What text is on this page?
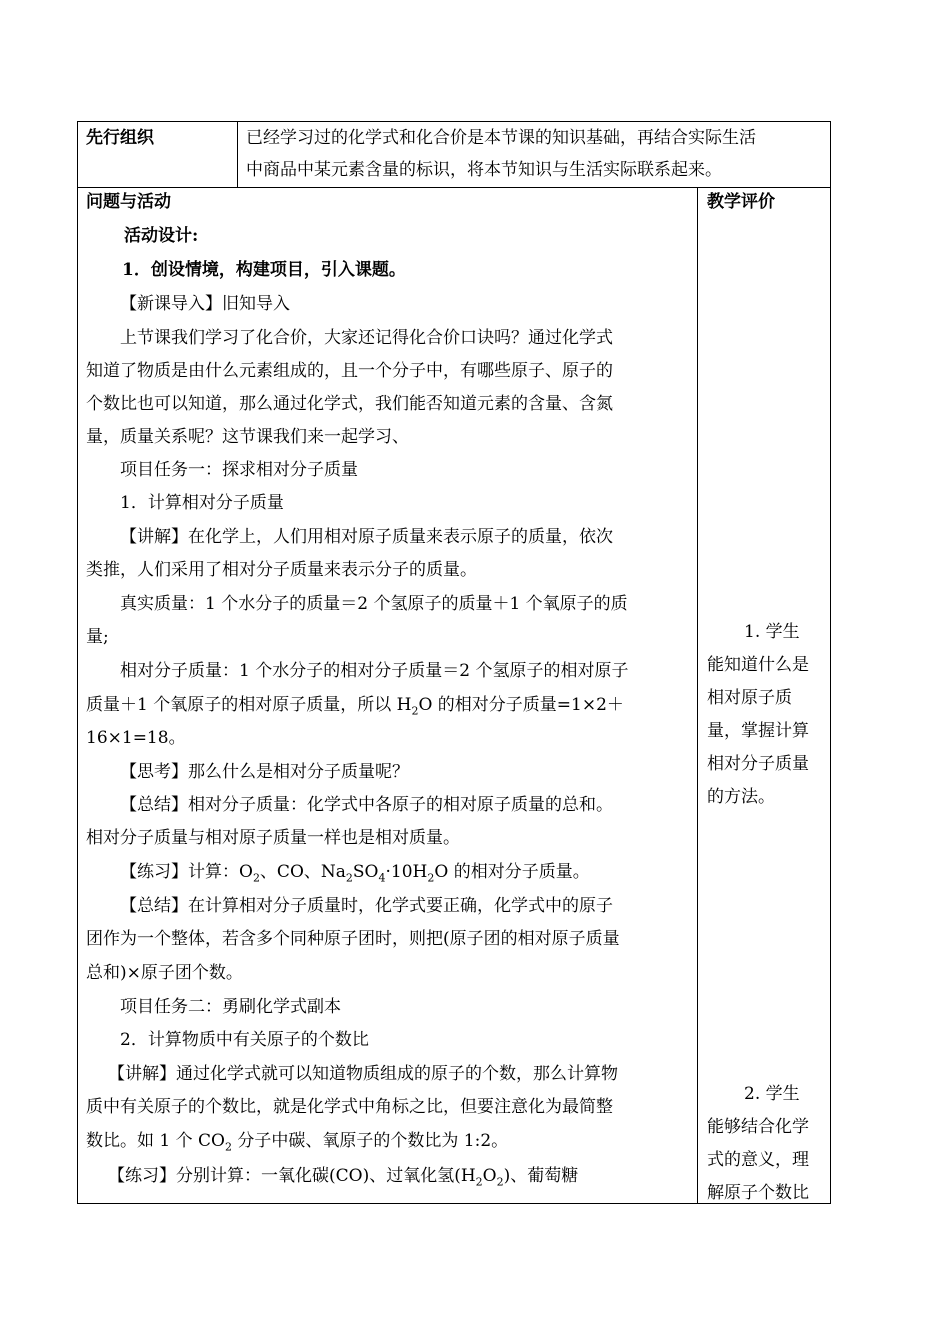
先行组织	已经学习过的化学式和化合价是本节课的知识基础，再结合实际生活
中商品中某元素含量的标识，将本节知识与生活实际联系起来。
问题与活动
活动设计:
1．创设情境，构建项目，引入课题。
【新课导入】旧知导入
上节课我们学习了化合价，大家还记得化合价口诀吗？通过化学式
知道了物质是由什么元素组成的，且一个分子中，有哪些原子、原子的
个数比也可以知道，那么通过化学式，我们能否知道元素的含量、含氮
量，质量关系呢？这节课我们来一起学习、
项目任务一：探求相对分子质量
1．计算相对分子质量
【讲解】在化学上，人们用相对原子质量来表示原子的质量，依次
类推，人们采用了相对分子质量来表示分子的质量。
真实质量：1 个水分子的质量＝2 个氢原子的质量＋1 个氧原子的质
量;
相对分子质量：1 个水分子的相对分子质量＝2 个氢原子的相对原子
质量＋1 个氧原子的相对原子质量，所以 $H_2O$ 的相对分子质量=1×2＋
16×1=18。
【思考】那么什么是相对分子质量呢？
【总结】相对分子质量：化学式中各原子的相对原子质量的总和。
相对分子质量与相对原子质量一样也是相对质量。
【练习】计算：$O_2$、CO、$Na_2SO_4\cdot 10H_2O$ 的相对分子质量。
【总结】在计算相对分子质量时，化学式要正确，化学式中的原子
团作为一个整体，若含多个同种原子团时，则把(原子团的相对原子质量
总和)×原子团个数。
项目任务二：勇刷化学式副本
2．计算物质中有关原子的个数比
【讲解】通过化学式就可以知道物质组成的原子的个数，那么计算物
质中有关原子的个数比，就是化学式中角标之比，但要注意化为最简整
数比。如 1 个 $CO_2$ 分子中碳、氧原子的个数比为 1:2。
【练习】分别计算：一氧化碳(CO)、过氧化氢$(H_2O_2)$、葡萄糖
教学评价
1. 学生
能知道什么是
相对原子质
量，掌握计算
相对分子质量
的方法。
2. 学生
能够结合化学
式的意义，理
解原子个数比
